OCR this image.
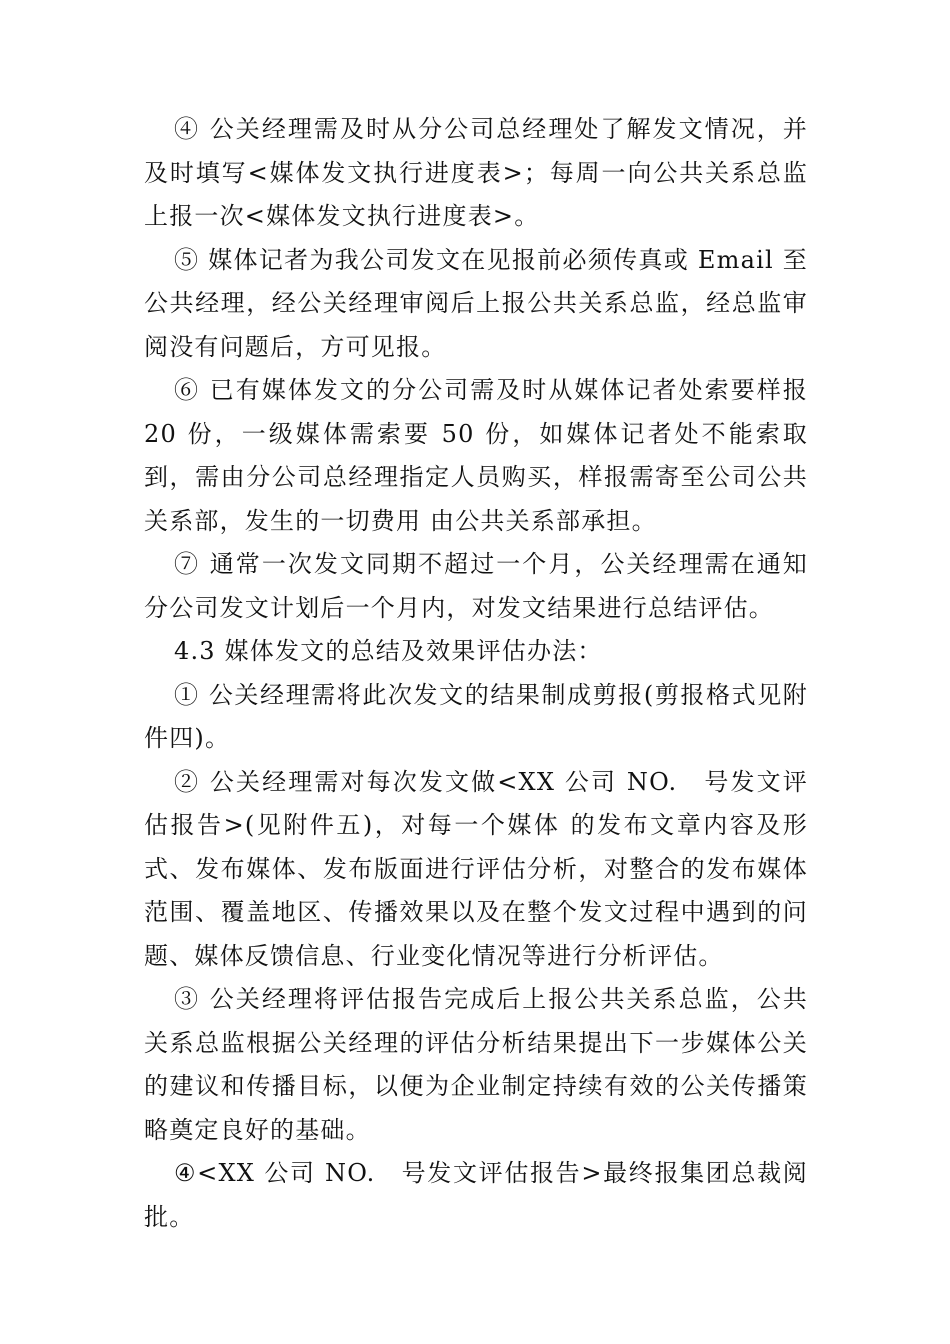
④ 公关经理需及时从分公司总经理处了解发文情况，并及时填写<媒体发文执行进度表>；每周一向公共关系总监上报一次<媒体发文执行进度表>。

⑤ 媒体记者为我公司发文在见报前必须传真或 Email 至公共经理，经公关经理审阅后上报公共关系总监，经总监审阅没有问题后，方可见报。

⑥ 已有媒体发文的分公司需及时从媒体记者处索要样报 20 份，一级媒体需索要 50 份，如媒体记者处不能索取到，需由分公司总经理指定人员购买，样报需寄至公司公共关系部，发生的一切费用 由公共关系部承担。

⑦ 通常一次发文同期不超过一个月，公关经理需在通知分公司发文计划后一个月内，对发文结果进行总结评估。

4.3 媒体发文的总结及效果评估办法：

① 公关经理需将此次发文的结果制成剪报(剪报格式见附件四)。

② 公关经理需对每次发文做<XX 公司 NO.　号发文评估报告>(见附件五)，对每一个媒体 的发布文章内容及形式、发布媒体、发布版面进行评估分析，对整合的发布媒体范围、覆盖地区、传播效果以及在整个发文过程中遇到的问题、媒体反馈信息、行业变化情况等进行分析评估。

③ 公关经理将评估报告完成后上报公共关系总监，公共关系总监根据公关经理的评估分析结果提出下一步媒体公关的建议和传播目标，以便为企业制定持续有效的公关传播策略奠定良好的基础。

④<XX 公司 NO.　号发文评估报告>最终报集团总裁阅批。
